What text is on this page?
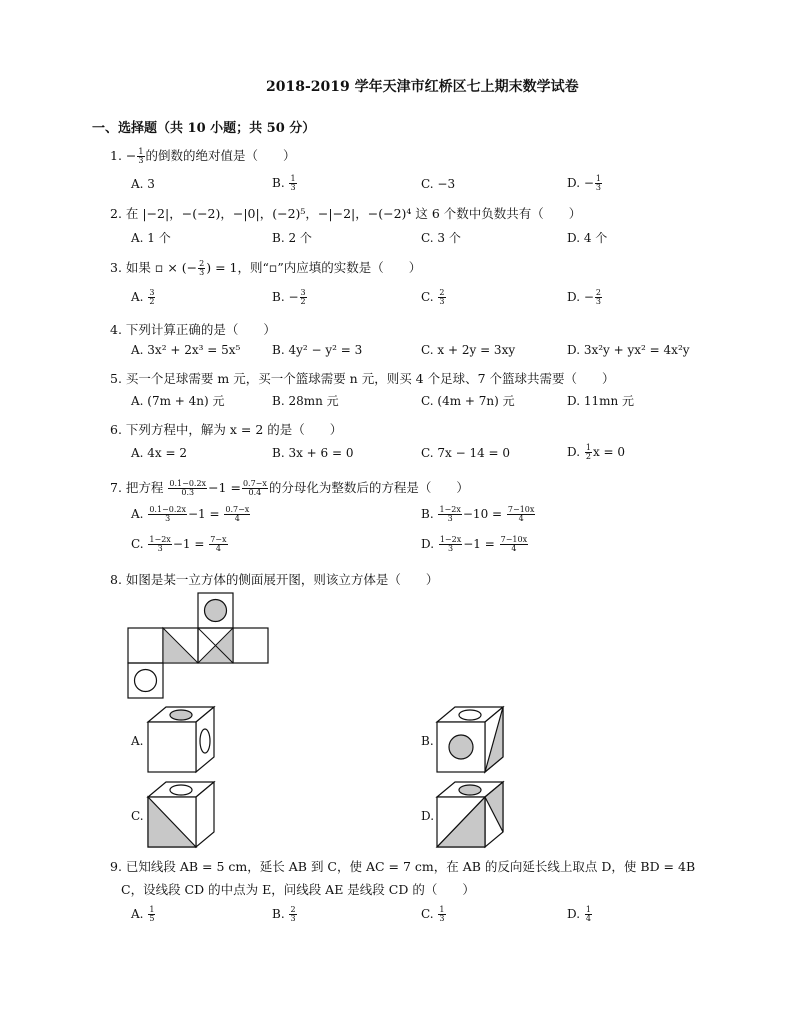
2018-2019 学年天津市红桥区七上期末数学试卷
一、选择题（共 10 小题；共 50 分）
1. − $\frac{1}{3}$ 的倒数的绝对值是（　　）
A. 3	B. $\frac{1}{3}$	C. −3	D. − $\frac{1}{3}$
2. 在 |−2|，−(−2)，−|0|，(−2)⁵，−|−2|，−(−2)⁴ 这 6 个数中负数共有（　　）
A. 1 个	B. 2 个	C. 3 个	D. 4 个
3. 如果 ▫ × (− $\frac{2}{3}$ ) = 1，则“▫”内应填的实数是（　　）
A. $\frac{3}{2}$	B. − $\frac{3}{2}$	C. $\frac{2}{3}$	D. − $\frac{2}{3}$
4. 下列计算正确的是（　　）
A. 3x² + 2x³ = 5x⁵	B. 4y² − y² = 3	C. x + 2y = 3xy	D. 3x²y + yx² = 4x²y
5. 买一个足球需要 m 元，买一个篮球需要 n 元，则买 4 个足球、7 个篮球共需要（　　）
A. (7m + 4n) 元	B. 28mn 元	C. (4m + 7n) 元	D. 11mn 元
6. 下列方程中，解为 x = 2 的是（　　）
A. 4x = 2	B. 3x + 6 = 0	C. 7x − 14 = 0	D. $\frac{1}{2}$ x = 0
7. 把方程 $\frac{0.1-0.2x}{0.3} -1 = \frac{0.7-x}{0.4}$ 的分母化为整数后的方程是（　　）
A. $\frac{0.1-0.2x}{3} -1 = \frac{0.7-x}{4}$	B. $\frac{1-2x}{3} -10 = \frac{7-10x}{4}$
C. $\frac{1-2x}{3} -1 = \frac{7-x}{4}$	D. $\frac{1-2x}{3} -1 = \frac{7-10x}{4}$
8. 如图是某一立方体的侧面展开图，则该立方体是（　　）
A.	B.
C.	D.
9. 已知线段 AB = 5 cm，延长 AB 到 C，使 AC = 7 cm，在 AB 的反向延长线上取点 D，使 BD = 4B
C，设线段 CD 的中点为 E，问线段 AE 是线段 CD 的（　　）
A. $\frac{1}{5}$	B. $\frac{2}{3}$	C. $\frac{1}{3}$	D. $\frac{1}{4}$
